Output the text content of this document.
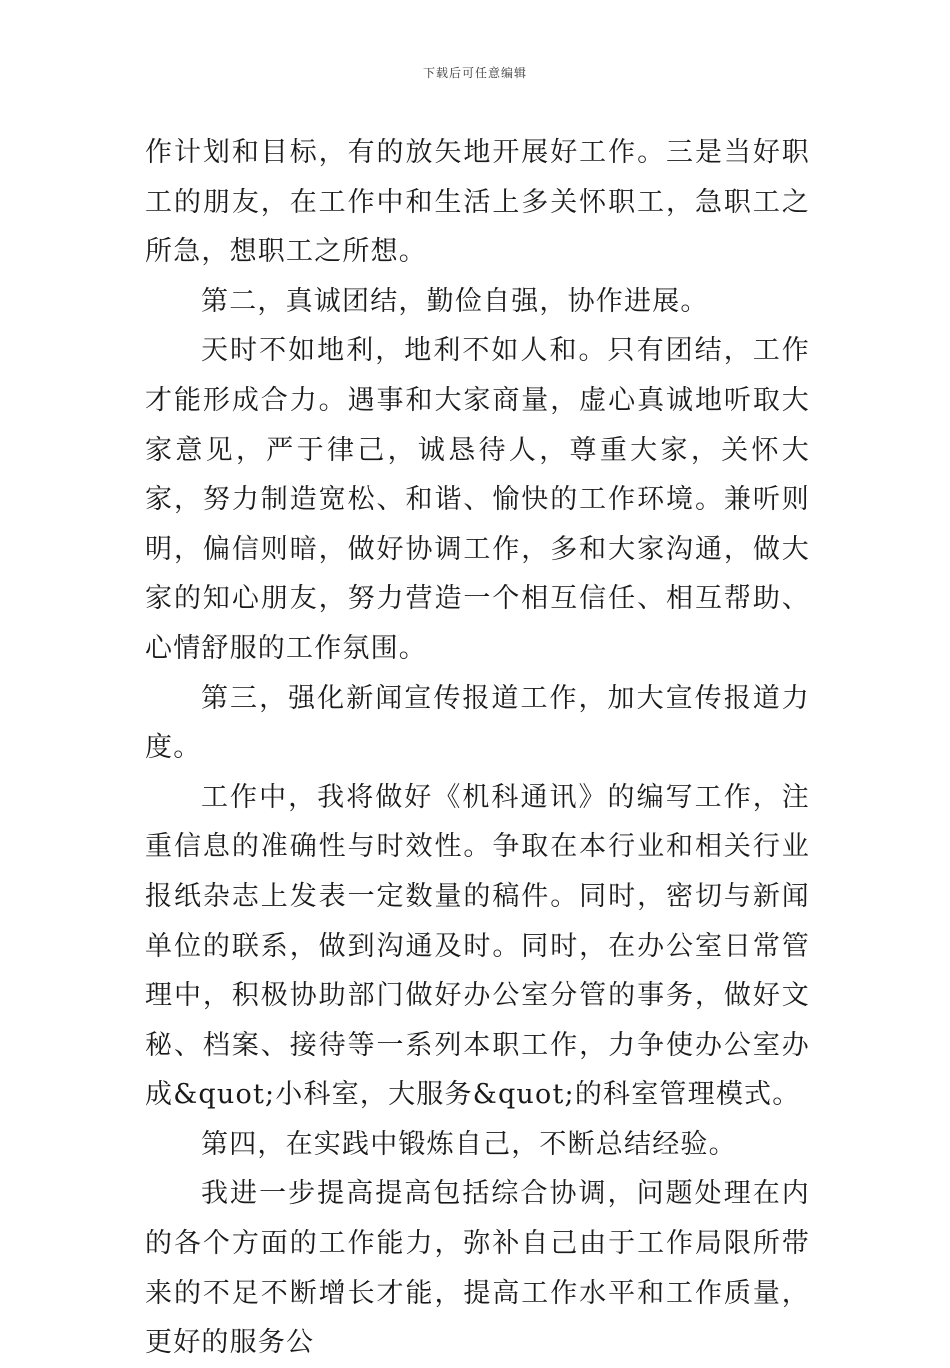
下载后可任意编辑

作计划和目标，有的放矢地开展好工作。三是当好职工的朋友，在工作中和生活上多关怀职工，急职工之所急，想职工之所想。

第二，真诚团结，勤俭自强，协作进展。

天时不如地利，地利不如人和。只有团结，工作才能形成合力。遇事和大家商量，虚心真诚地听取大家意见，严于律己，诚恳待人，尊重大家，关怀大家，努力制造宽松、和谐、愉快的工作环境。兼听则明，偏信则暗，做好协调工作，多和大家沟通，做大家的知心朋友，努力营造一个相互信任、相互帮助、心情舒服的工作氛围。

第三，强化新闻宣传报道工作，加大宣传报道力度。

工作中，我将做好《机科通讯》的编写工作，注重信息的准确性与时效性。争取在本行业和相关行业报纸杂志上发表一定数量的稿件。同时，密切与新闻单位的联系，做到沟通及时。同时，在办公室日常管理中，积极协助部门做好办公室分管的事务，做好文秘、档案、接待等一系列本职工作，力争使办公室办成&quot;小科室，大服务&quot;的科室管理模式。

第四，在实践中锻炼自己，不断总结经验。

我进一步提高提高包括综合协调，问题处理在内的各个方面的工作能力，弥补自己由于工作局限所带来的不足不断增长才能，提高工作水平和工作质量，更好的服务公
